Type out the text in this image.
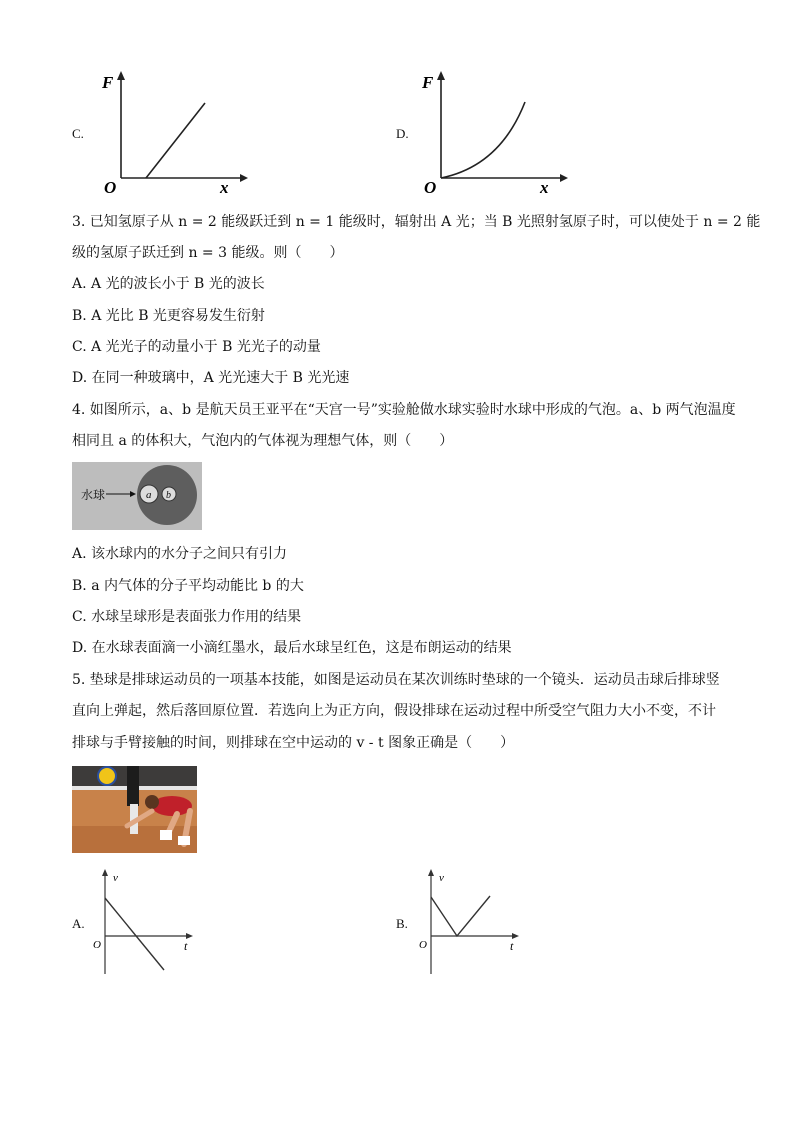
C.
F
x
O
D.
F
x
O
3. 已知氢原子从 n = 2 能级跃迁到 n = 1 能级时，辐射出 A 光；当 B 光照射氢原子时，可以使处于 n = 2 能
级的氢原子跃迁到 n = 3 能级。则（　　）
A. A 光的波长小于 B 光的波长
B. A 光比 B 光更容易发生衍射
C. A 光光子的动量小于 B 光光子的动量
D. 在同一种玻璃中，A 光光速大于 B 光光速
4. 如图所示，a、b 是航天员王亚平在“天宫一号”实验舱做水球实验时水球中形成的气泡。a、b 两气泡温度
相同且 a 的体积大，气泡内的气体视为理想气体，则（　　）
水球	a b
A. 该水球内的水分子之间只有引力
B. a 内气体的分子平均动能比 b 的大
C. 水球呈球形是表面张力作用的结果
D. 在水球表面滴一小滴红墨水，最后水球呈红色，这是布朗运动的结果
5. 垫球是排球运动员的一项基本技能，如图是运动员在某次训练时垫球的一个镜头．运动员击球后排球竖
直向上弹起，然后落回原位置．若选向上为正方向，假设排球在运动过程中所受空气阻力大小不变，不计
排球与手臂接触的时间，则排球在空中运动的 v - t 图象正确是（　　）
A.
v
t
O
B.
v
t
O
